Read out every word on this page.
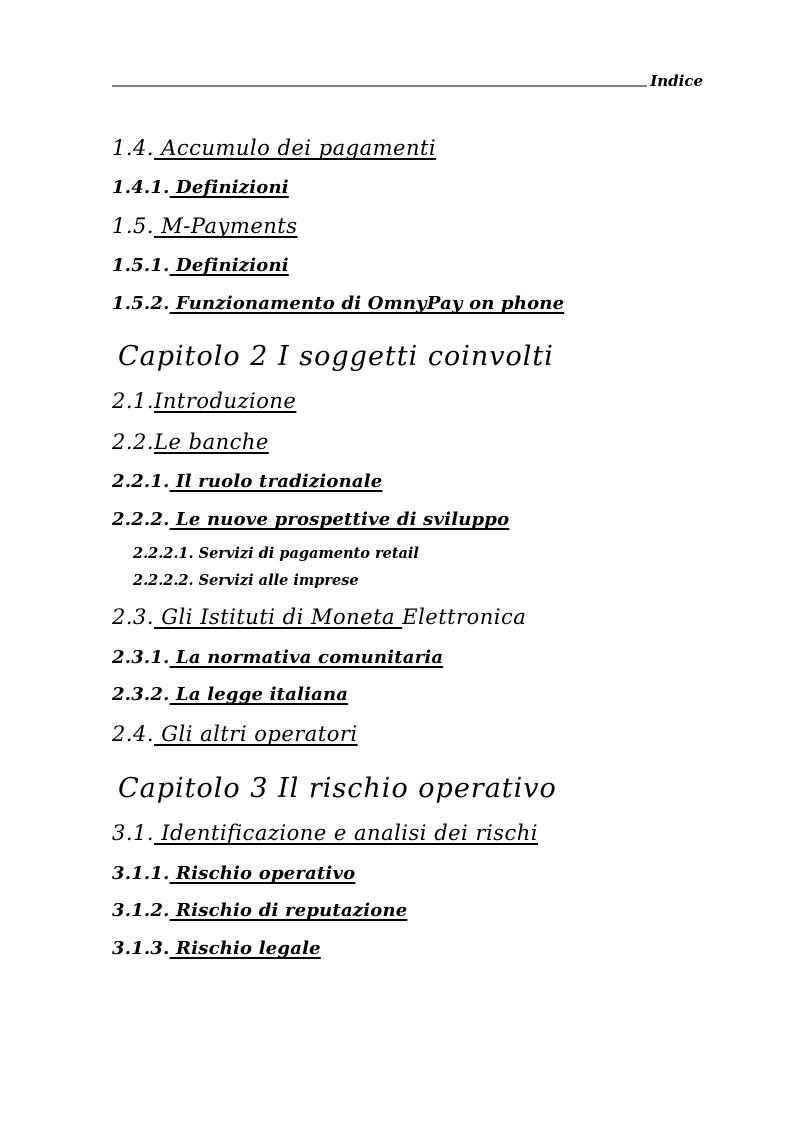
Indice
1.4. Accumulo dei pagamenti
1.4.1. Definizioni
1.5. M-Payments
1.5.1. Definizioni
1.5.2. Funzionamento di OmnyPay on phone
Capitolo 2 I soggetti coinvolti
2.1.Introduzione
2.2.Le banche
2.2.1. Il ruolo tradizionale
2.2.2. Le nuove prospettive di sviluppo
2.2.2.1. Servizi di pagamento retail
2.2.2.2. Servizi alle imprese
2.3. Gli Istituti di Moneta Elettronica
2.3.1. La normativa comunitaria
2.3.2. La legge italiana
2.4. Gli altri operatori
Capitolo 3 Il rischio operativo
3.1. Identificazione e analisi dei rischi
3.1.1. Rischio operativo
3.1.2. Rischio di reputazione
3.1.3. Rischio legale
